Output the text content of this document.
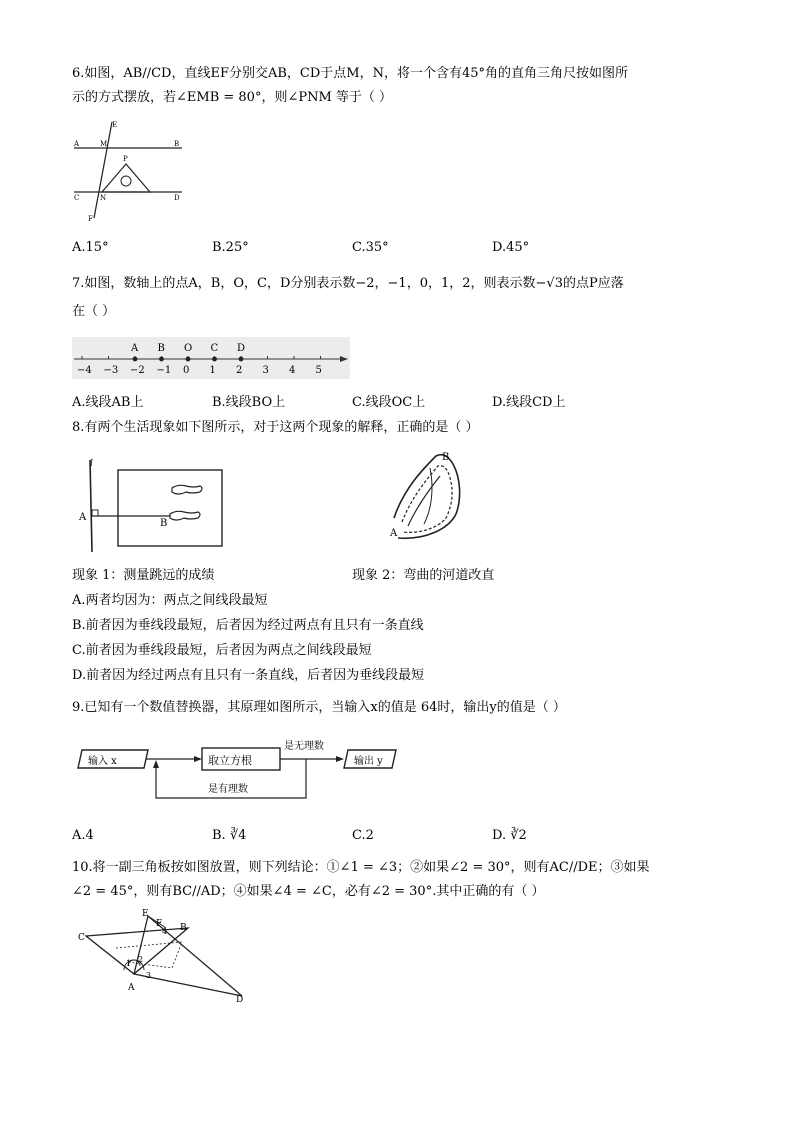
6.如图，AB//CD，直线EF分别交AB，CD于点M，N，将一个含有45°角的直角三角尺按如图所
示的方式摆放，若∠EMB = 80°，则∠PNM 等于（ ）
A	M	B
E
P
C	N	D
F
A.15°	B.25°	C.35°	D.45°
7.如图，数轴上的点A，B，O，C，D分别表示数−2，−1，0，1，2，则表示数−√3的点P应落
在（ ）
−4 −3 −2 −1 0 1 2 3 4 5
A B O C D
A.线段AB上	B.线段BO上	C.线段OC上	D.线段CD上
8.有两个生活现象如下图所示，对于这两个现象的解释，正确的是（ ）
l
A
B
A
B
现象 1：测量跳远的成绩	现象 2：弯曲的河道改直
A.两者均因为：两点之间线段最短
B.前者因为垂线段最短，后者因为经过两点有且只有一条直线
C.前者因为垂线段最短，后者因为两点之间线段最短
D.前者因为经过两点有且只有一条直线，后者因为垂线段最短
9.已知有一个数值替换器，其原理如图所示，当输入x的值是 64时，输出y的值是（ ）
输入 x	取立方根	输出 y
是无理数
是有理数
A.4	B. ∛4	C.2	D. ∛2
10.将一副三角板按如图放置，则下列结论：①∠1 = ∠3；②如果∠2 = 30°，则有AC//DE；③如果
∠2 = 45°，则有BC//AD；④如果∠4 = ∠C，必有∠2 = 30°.其中正确的有（ ）
C
E
F B
A
D
1 2
3
4
